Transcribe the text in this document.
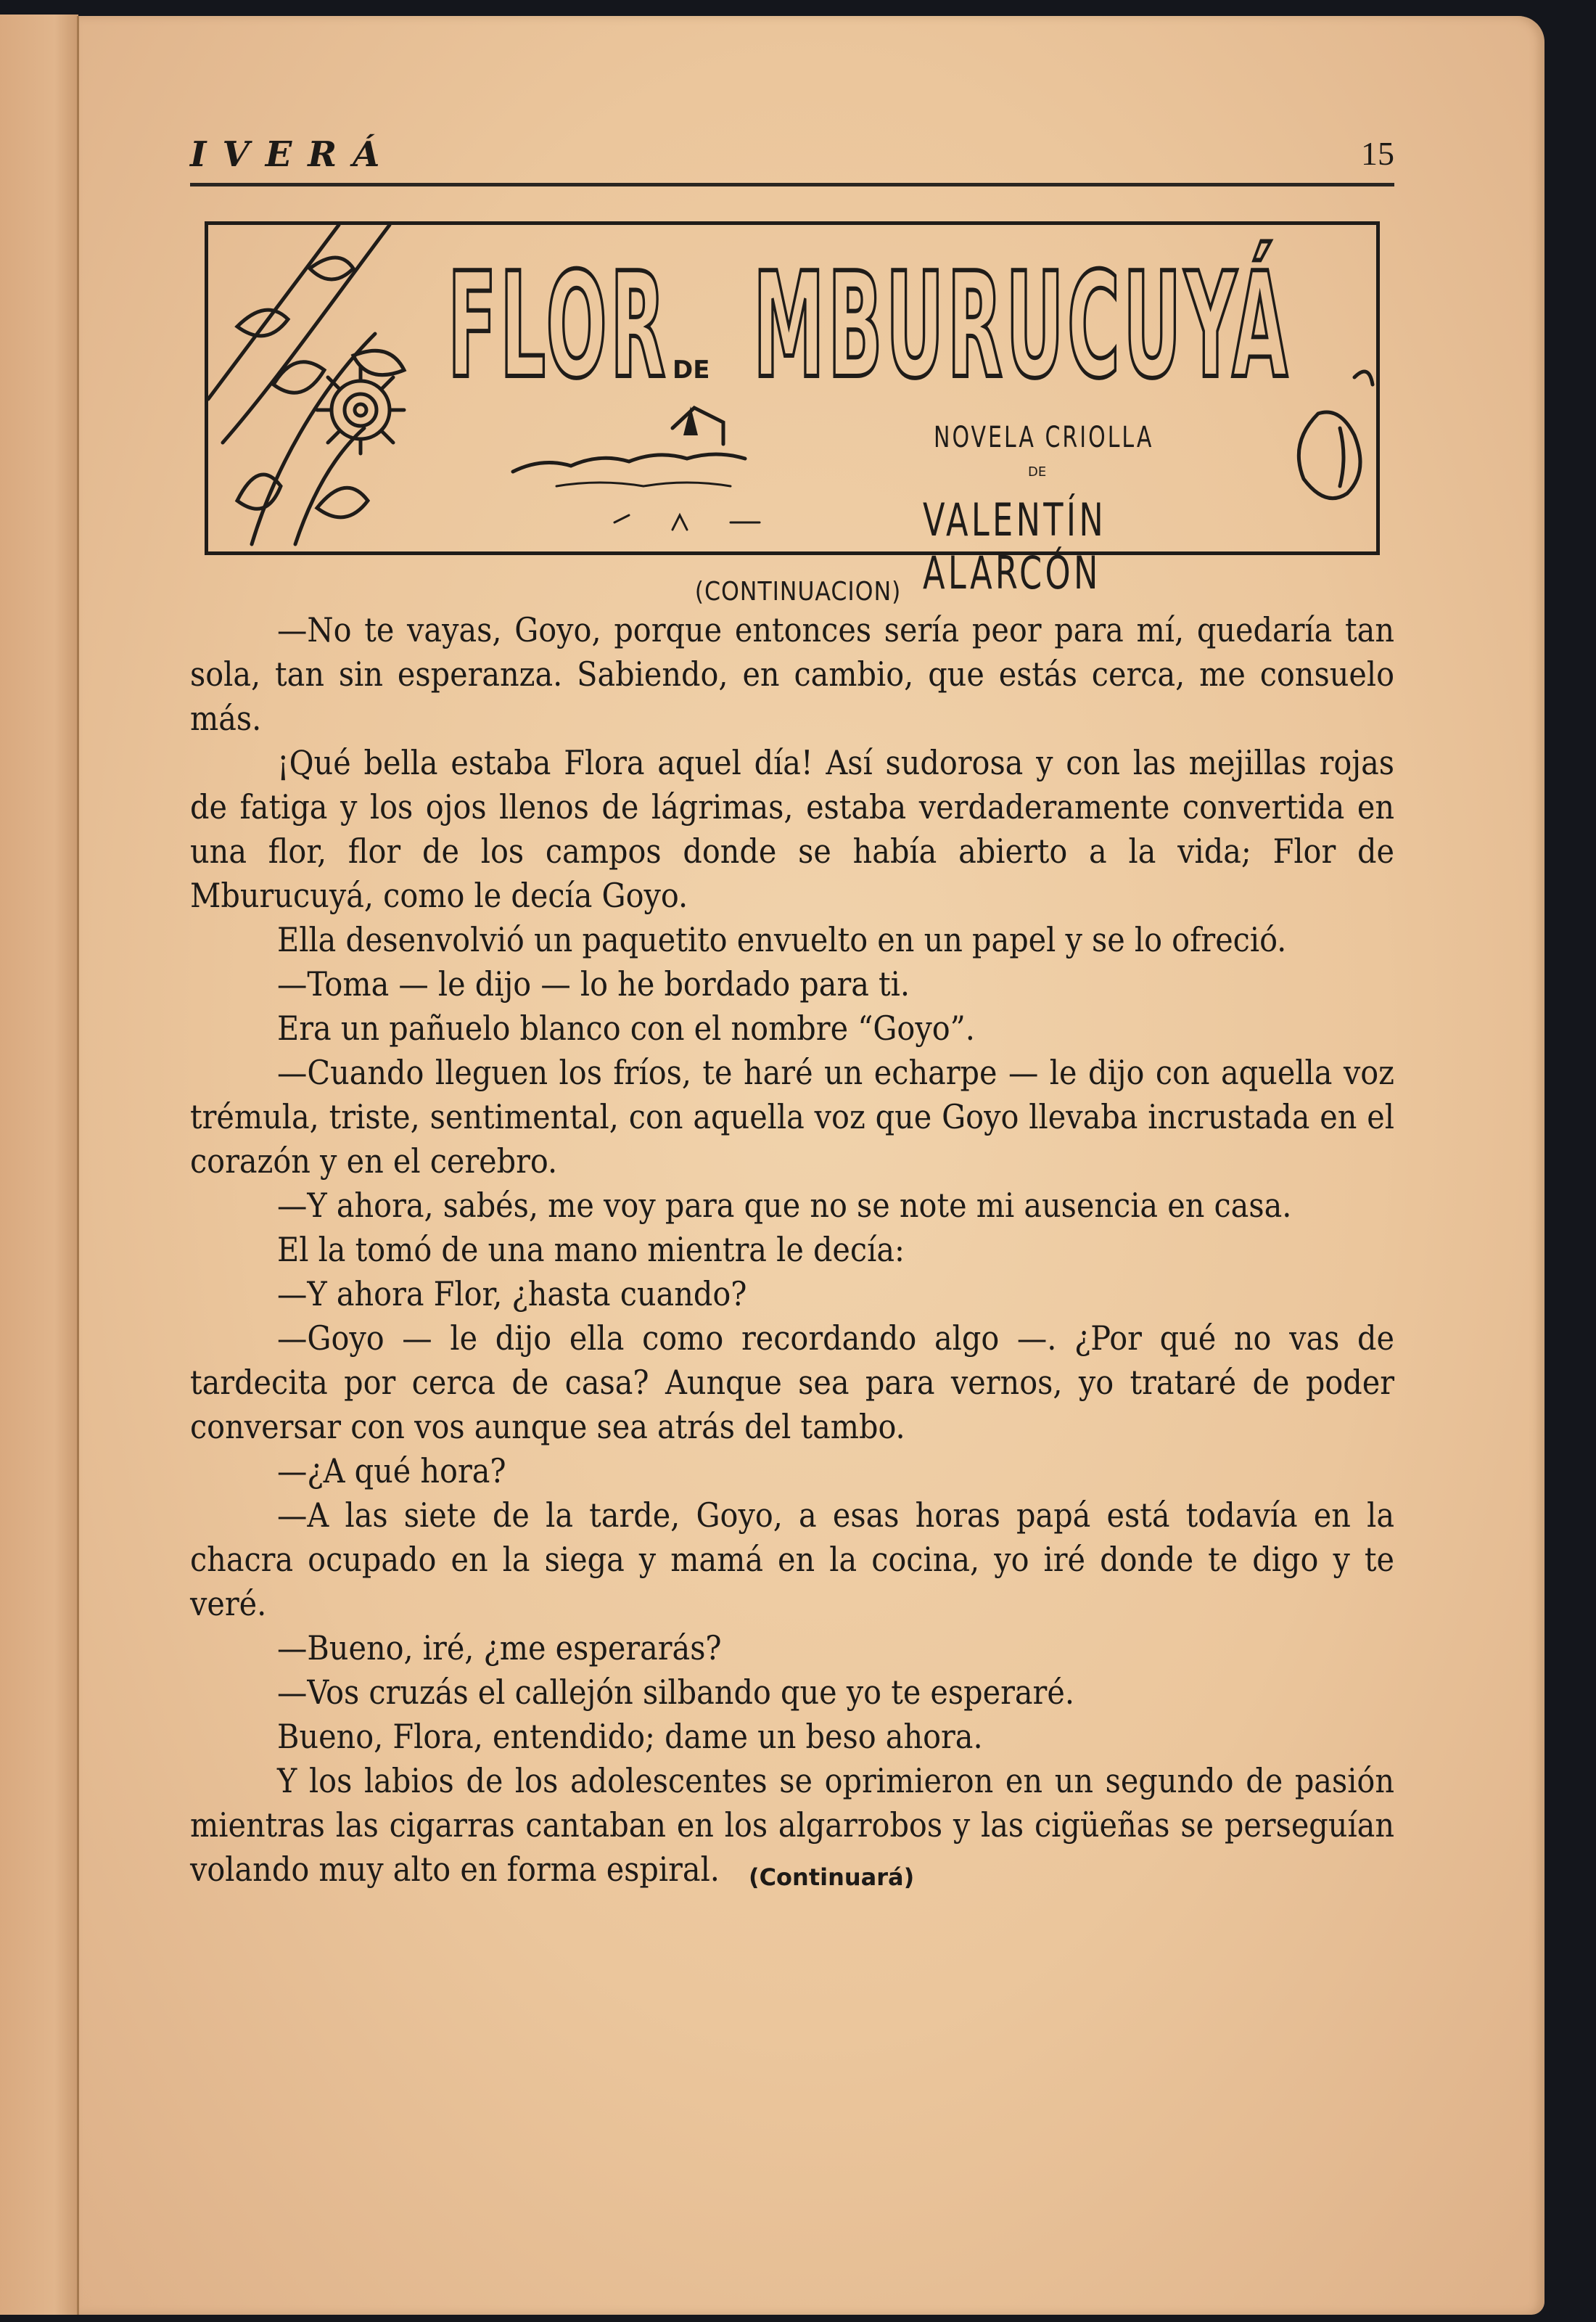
IVERÁ	15
FLOR MBURUCUYÁ
DE
NOVELA CRIOLLA
DE
VALENTÍN ALARCÓN
(CONTINUACION)

—No te vayas, Goyo, porque entonces sería peor para mí, quedaría tan sola, tan sin esperanza. Sabiendo, en cambio, que estás cerca, me consuelo más.

¡Qué bella estaba Flora aquel día! Así sudorosa y con las mejillas rojas de fatiga y los ojos llenos de lágrimas, estaba verdaderamente convertida en una flor, flor de los campos donde se había abierto a la vida; Flor de Mburucuyá, como le decía Goyo.

Ella desenvolvió un paquetito envuelto en un papel y se lo ofreció.

—Toma — le dijo — lo he bordado para ti.

Era un pañuelo blanco con el nombre “Goyo”.

—Cuando lleguen los fríos, te haré un echarpe — le dijo con aquella voz trémula, triste, sentimental, con aquella voz que Goyo llevaba incrustada en el corazón y en el cerebro.

—Y ahora, sabés, me voy para que no se note mi ausencia en casa.

El la tomó de una mano mientra le decía:

—Y ahora Flor, ¿hasta cuando?

—Goyo — le dijo ella como recordando algo —. ¿Por qué no vas de tardecita por cerca de casa? Aunque sea para vernos, yo trataré de poder conversar con vos aunque sea atrás del tambo.

—¿A qué hora?

—A las siete de la tarde, Goyo, a esas horas papá está todavía en la chacra ocupado en la siega y mamá en la cocina, yo iré donde te digo y te veré.

—Bueno, iré, ¿me esperarás?

—Vos cruzás el callejón silbando que yo te esperaré.

Bueno, Flora, entendido; dame un beso ahora.

Y los labios de los adolescentes se oprimieron en un segundo de pasión mientras las cigarras cantaban en los algarrobos y las cigüeñas se perseguían volando muy alto en forma espiral. (Continuará)
